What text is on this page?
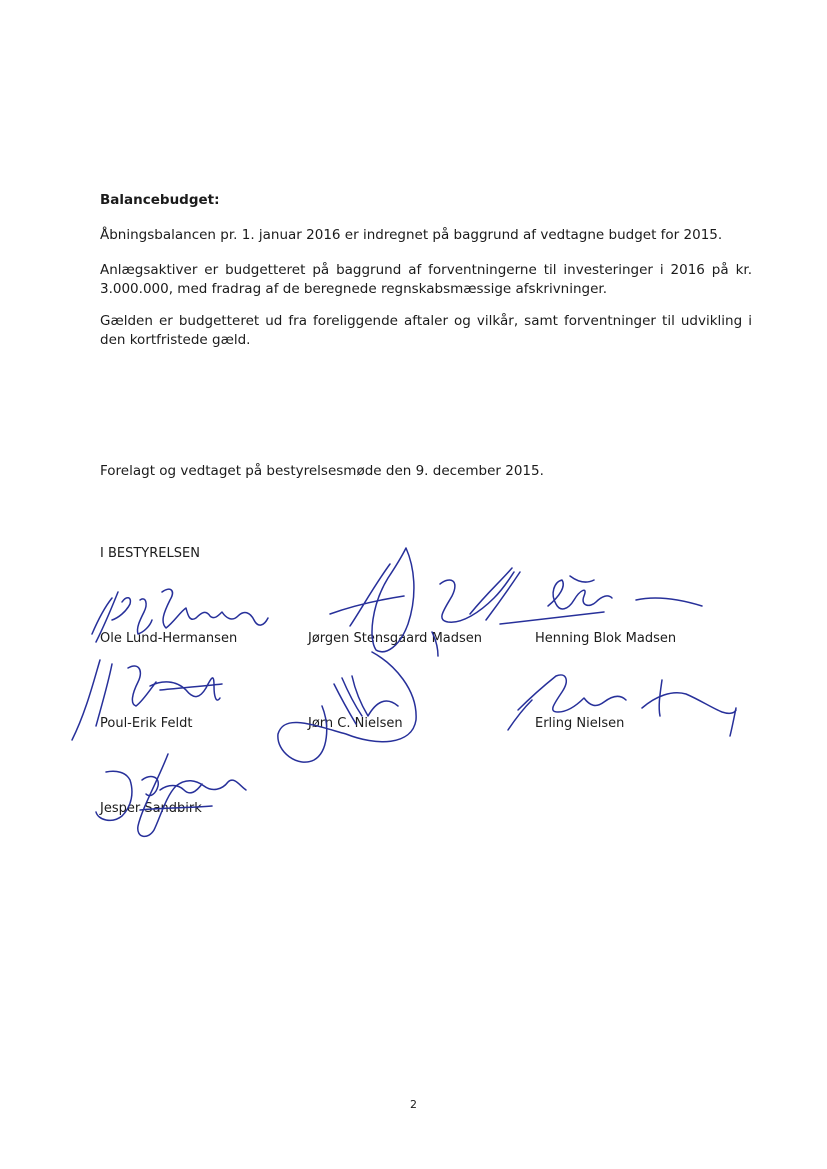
Balancebudget:

Åbningsbalancen pr. 1. januar 2016 er indregnet på baggrund af vedtagne budget for 2015.

Anlægsaktiver er budgetteret på baggrund af forventningerne til investeringer i 2016 på kr. 3.000.000, med fradrag af de beregnede regnskabsmæssige afskrivninger.

Gælden er budgetteret ud fra foreliggende aftaler og vilkår, samt forventninger til udvikling i den kortfristede gæld.

Forelagt og vedtaget på bestyrelsesmøde den 9. december 2015.

I BESTYRELSEN

Ole Lund-Hermansen	Jørgen Stensgaard Madsen	Henning Blok Madsen
Poul-Erik Feldt	Jørn C. Nielsen	Erling Nielsen
Jesper Sandbirk
2
